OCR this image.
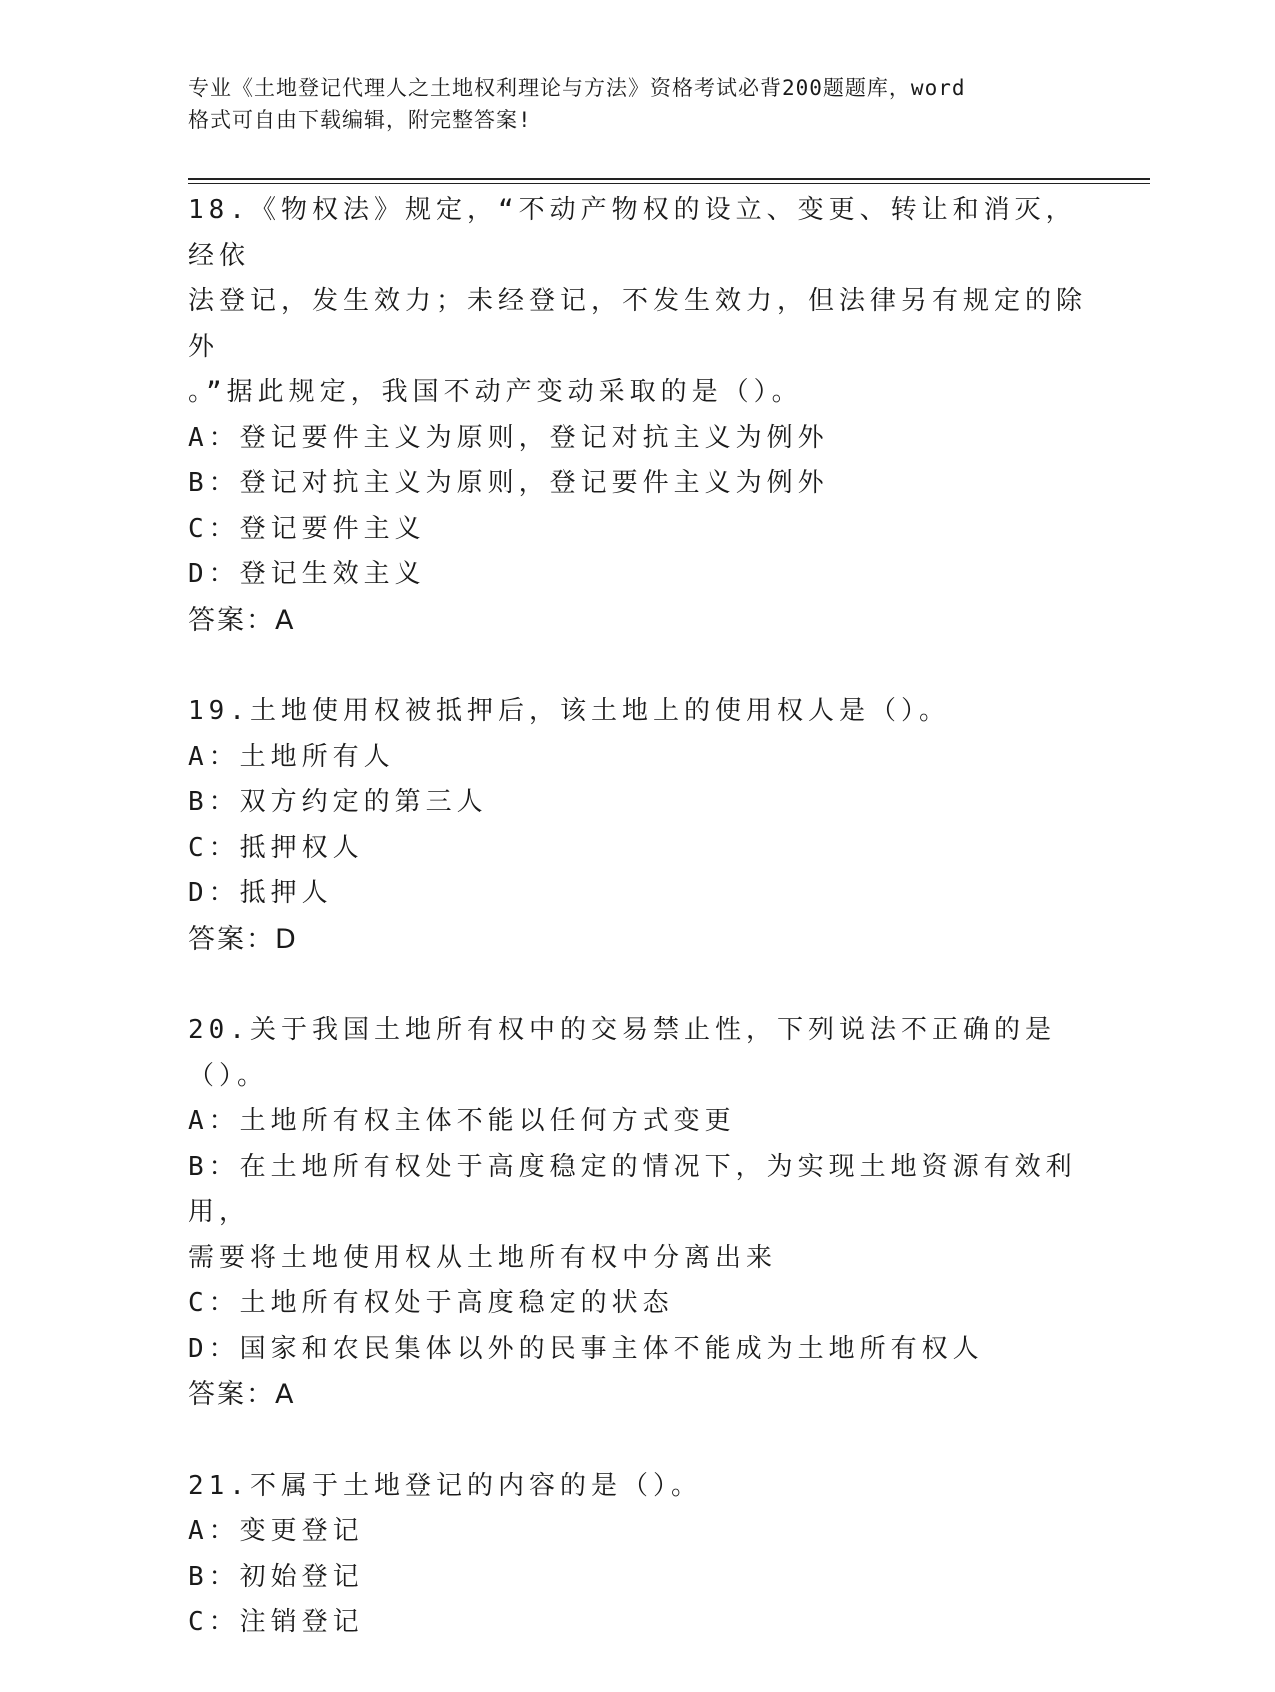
专业《土地登记代理人之土地权利理论与方法》资格考试必背200题题库，word
格式可自由下载编辑，附完整答案!
18.《物权法》规定，“不动产物权的设立、变更、转让和消灭，经依
法登记，发生效力；未经登记，不发生效力，但法律另有规定的除外
。”据此规定，我国不动产变动采取的是（）。
A：登记要件主义为原则，登记对抗主义为例外
B：登记对抗主义为原则，登记要件主义为例外
C：登记要件主义
D：登记生效主义
答案：A
19.土地使用权被抵押后，该土地上的使用权人是（）。
A：土地所有人
B：双方约定的第三人
C：抵押权人
D：抵押人
答案：D
20.关于我国土地所有权中的交易禁止性，下列说法不正确的是（）。
A：土地所有权主体不能以任何方式变更
B：在土地所有权处于高度稳定的情况下，为实现土地资源有效利用，
需要将土地使用权从土地所有权中分离出来
C：土地所有权处于高度稳定的状态
D：国家和农民集体以外的民事主体不能成为土地所有权人
答案：A
21.不属于土地登记的内容的是（）。
A：变更登记
B：初始登记
C：注销登记
